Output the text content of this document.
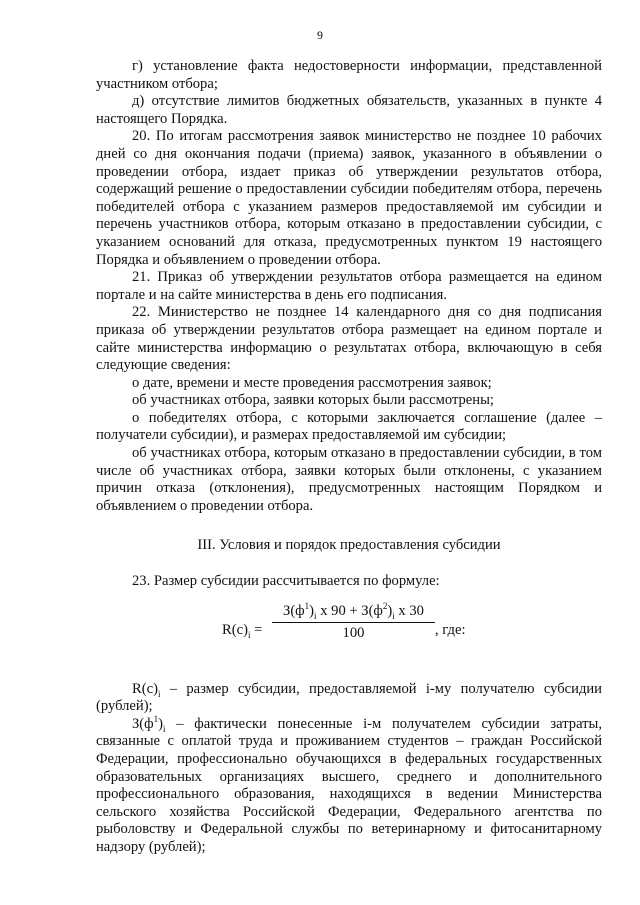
9

г) установление факта недостоверности информации, представленной участником отбора;

д) отсутствие лимитов бюджетных обязательств, указанных в пункте 4 настоящего Порядка.

20. По итогам рассмотрения заявок министерство не позднее 10 рабочих дней со дня окончания подачи (приема) заявок, указанного в объявлении о проведении отбора, издает приказ об утверждении результатов отбора, содержащий решение о предоставлении субсидии победителям отбора, перечень победителей отбора с указанием размеров предоставляемой им субсидии и перечень участников отбора, которым отказано в предоставлении субсидии, с указанием оснований для отказа, предусмотренных пунктом 19 настоящего Порядка и объявлением о проведении отбора.

21. Приказ об утверждении результатов отбора размещается на едином портале и на сайте министерства в день его подписания.

22. Министерство не позднее 14 календарного дня со дня подписания приказа об утверждении результатов отбора размещает на едином портале и сайте министерства информацию о результатах отбора, включающую в себя следующие сведения:

о дате, времени и месте проведения рассмотрения заявок;

об участниках отбора, заявки которых были рассмотрены;

о победителях отбора, с которыми заключается соглашение (далее – получатели субсидии), и размерах предоставляемой им субсидии;

об участниках отбора, которым отказано в предоставлении субсидии, в том числе об участниках отбора, заявки которых были отклонены, с указанием причин отказа (отклонения), предусмотренных настоящим Порядком и объявлением о проведении отбора.

III. Условия и порядок предоставления субсидии

23. Размер субсидии рассчитывается по формуле:

$R(c)_i$ =
$З(ф^1)_i$ x $90 + З(ф^2)_i$ x 30
100	, где:

$R(c)_i$ – размер субсидии, предоставляемой i-му получателю субсидии (рублей);

$З(ф^1)_i$ – фактически понесенные i-м получателем субсидии затраты, связанные с оплатой труда и проживанием студентов – граждан Российской Федерации, профессионально обучающихся в федеральных государственных образовательных организациях высшего, среднего и дополнительного профессионального образования, находящихся в ведении Министерства сельского хозяйства Российской Федерации, Федерального агентства по рыболовству и Федеральной службы по ветеринарному и фитосанитарному надзору (рублей);
